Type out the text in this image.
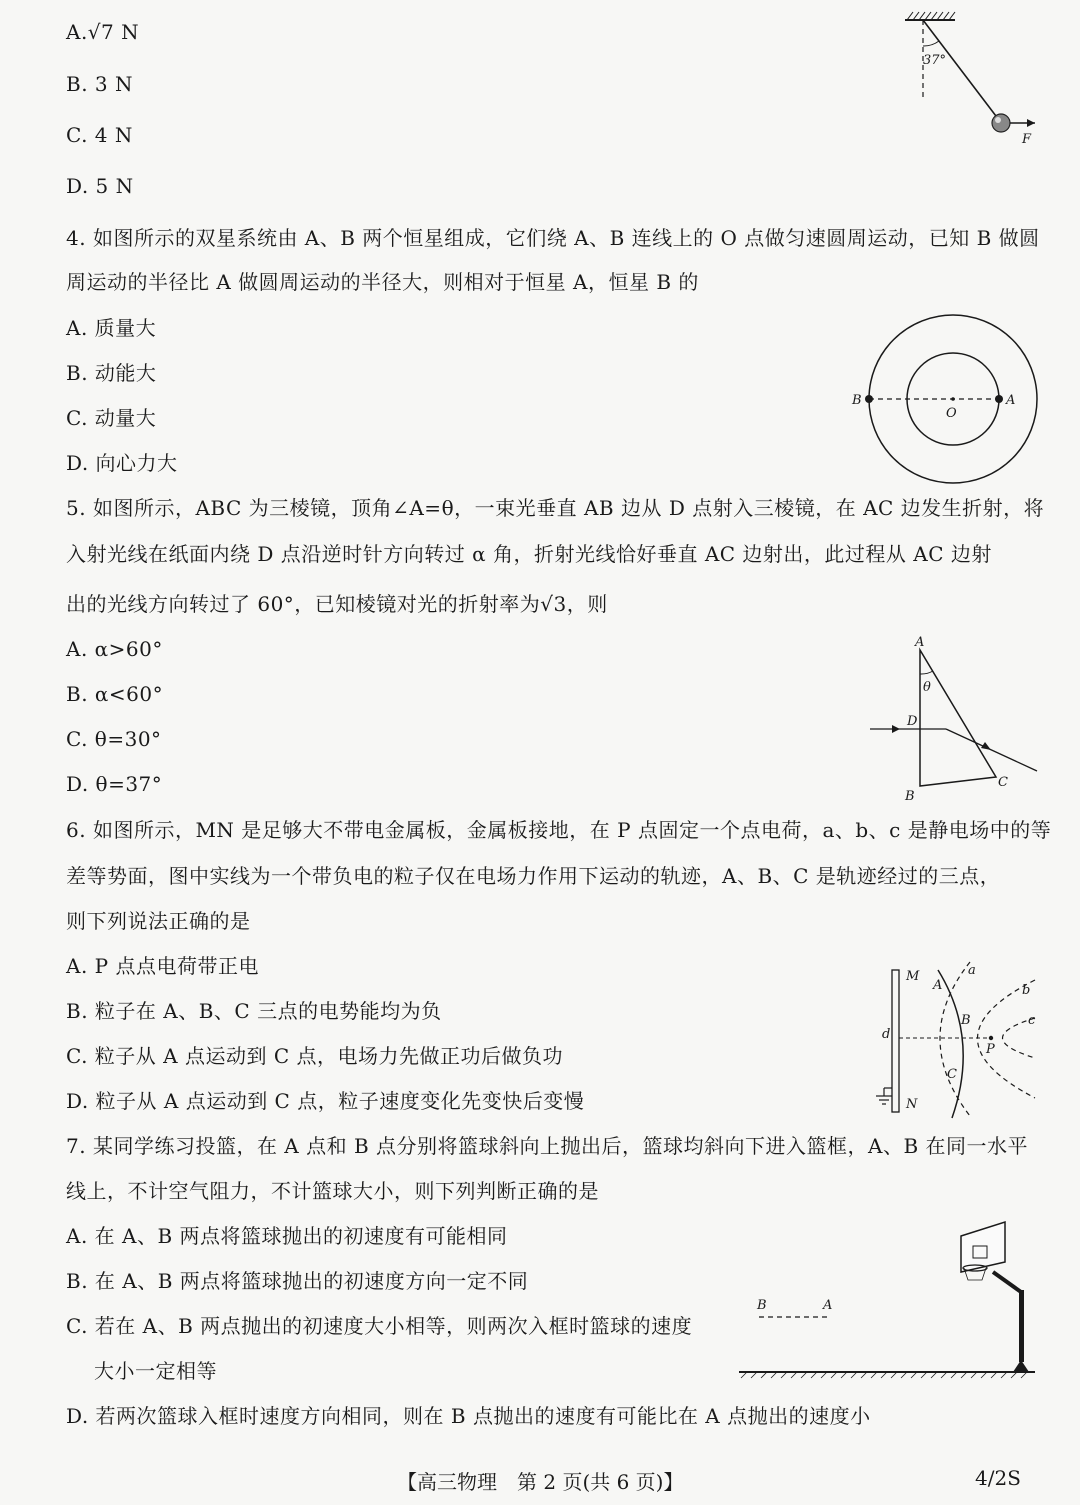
A.√7 N
B. 3 N
C. 4 N
D. 5 N
37°
F
4. 如图所示的双星系统由 A、B 两个恒星组成，它们绕 A、B 连线上的 O 点做匀速圆周运动，已知 B 做圆
周运动的半径比 A 做圆周运动的半径大，则相对于恒星 A，恒星 B 的
A. 质量大
B. 动能大
C. 动量大
D. 向心力大
B
O
A
5. 如图所示，ABC 为三棱镜，顶角∠A=θ，一束光垂直 AB 边从 D 点射入三棱镜，在 AC 边发生折射，将
入射光线在纸面内绕 D 点沿逆时针方向转过 α 角，折射光线恰好垂直 AC 边射出，此过程从 AC 边射
出的光线方向转过了 60°，已知棱镜对光的折射率为√3，则
A. α>60°
B. α<60°
C. θ=30°
D. θ=37°
θ
A
D
B
C
6. 如图所示，MN 是足够大不带电金属板，金属板接地，在 P 点固定一个点电荷，a、b、c 是静电场中的等
差等势面，图中实线为一个带负电的粒子仅在电场力作用下运动的轨迹，A、B、C 是轨迹经过的三点，
则下列说法正确的是
A. P 点点电荷带正电
B. 粒子在 A、B、C 三点的电势能均为负
C. 粒子从 A 点运动到 C 点，电场力先做正功后做负功
D. 粒子从 A 点运动到 C 点，粒子速度变化先变快后变慢
M
N
d
a
b
c
A
B
C
P
7. 某同学练习投篮，在 A 点和 B 点分别将篮球斜向上抛出后，篮球均斜向下进入篮框，A、B 在同一水平
线上，不计空气阻力，不计篮球大小，则下列判断正确的是
A. 在 A、B 两点将篮球抛出的初速度有可能相同
B. 在 A、B 两点将篮球抛出的初速度方向一定不同
C. 若在 A、B 两点抛出的初速度大小相等，则两次入框时篮球的速度
大小一定相等
D. 若两次篮球入框时速度方向相同，则在 B 点抛出的速度有可能比在 A 点抛出的速度小
B	A
【高三物理　第 2 页(共 6 页)】	4/2S
